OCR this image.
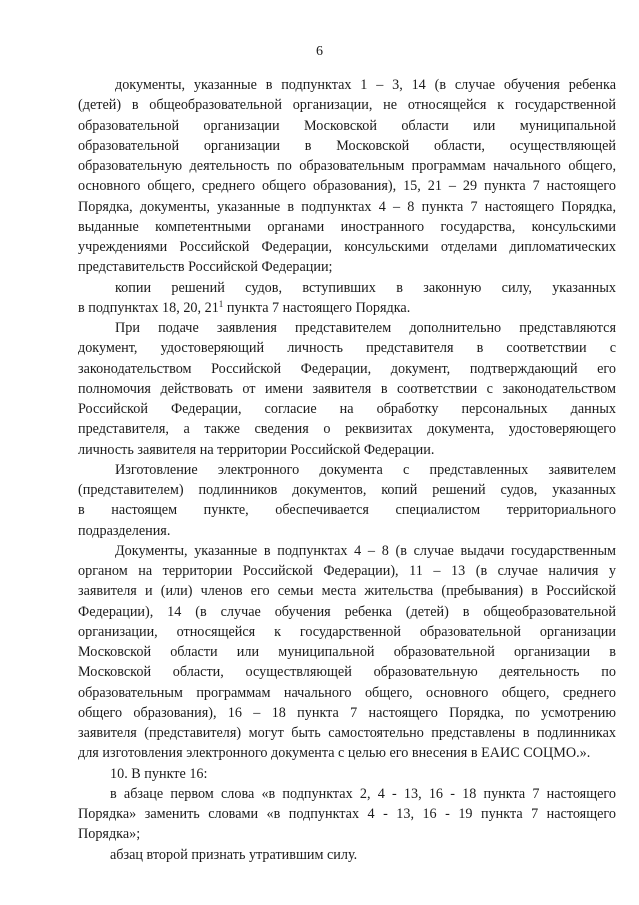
6
документы, указанные в подпунктах 1 – 3, 14 (в случае обучения ребенка
(детей) в общеобразовательной организации, не относящейся к государственной
образовательной организации Московской области или муниципальной
образовательной организации в Московской области, осуществляющей
образовательную деятельность по образовательным программам начального общего,
основного общего, среднего общего образования), 15, 21 – 29 пункта 7 настоящего
Порядка, документы, указанные в подпунктах 4 – 8 пункта 7 настоящего Порядка,
выданные компетентными органами иностранного государства, консульскими
учреждениями Российской Федерации, консульскими отделами дипломатических
представительств Российской Федерации;
копии решений судов, вступивших в законную силу, указанных
в подпунктах 18, 20, $21^1$ пункта 7 настоящего Порядка.
При подаче заявления представителем дополнительно представляются
документ, удостоверяющий личность представителя в соответствии с
законодательством Российской Федерации, документ, подтверждающий его
полномочия действовать от имени заявителя в соответствии с законодательством
Российской Федерации, согласие на обработку персональных данных
представителя, а также сведения о реквизитах документа, удостоверяющего
личность заявителя на территории Российской Федерации.
Изготовление электронного документа с представленных заявителем
(представителем) подлинников документов, копий решений судов, указанных
в настоящем пункте, обеспечивается специалистом территориального
подразделения.
Документы, указанные в подпунктах 4 – 8 (в случае выдачи государственным
органом на территории Российской Федерации), 11 – 13 (в случае наличия у
заявителя и (или) членов его семьи места жительства (пребывания) в Российской
Федерации), 14 (в случае обучения ребенка (детей) в общеобразовательной
организации, относящейся к государственной образовательной организации
Московской области или муниципальной образовательной организации в
Московской области, осуществляющей образовательную деятельность по
образовательным программам начального общего, основного общего, среднего
общего образования), 16 – 18 пункта 7 настоящего Порядка, по усмотрению
заявителя (представителя) могут быть самостоятельно представлены в подлинниках
для изготовления электронного документа с целью его внесения в ЕАИС СОЦМО.».
10. В пункте 16:
в абзаце первом слова «в подпунктах 2, 4 - 13, 16 - 18 пункта 7 настоящего
Порядка» заменить словами «в подпунктах 4 - 13, 16 - 19 пункта 7 настоящего
Порядка»;
абзац второй признать утратившим силу.
